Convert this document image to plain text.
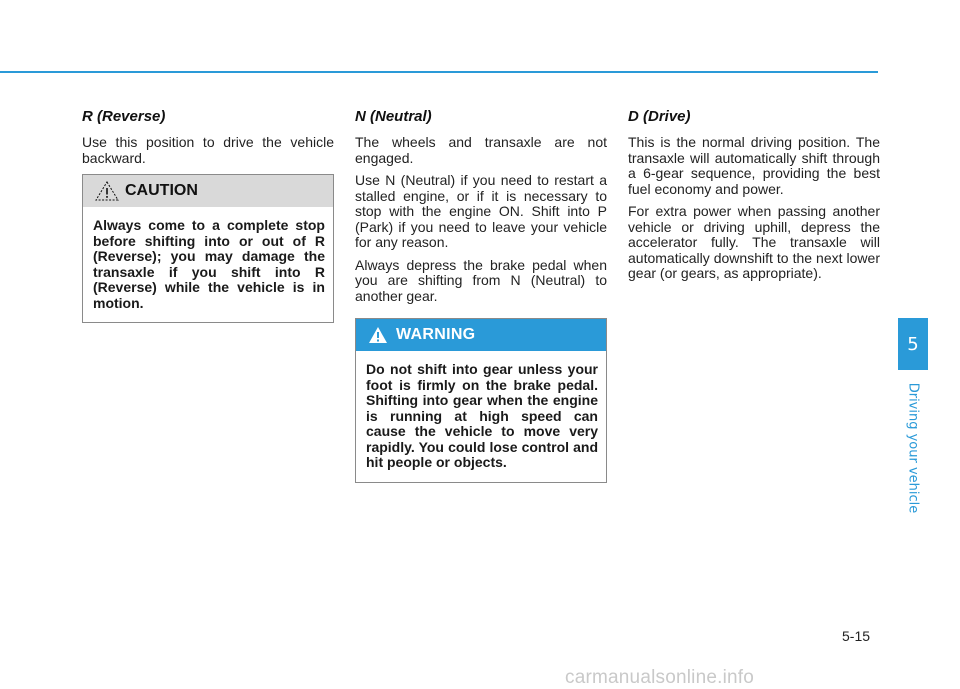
R (Reverse)

Use this position to drive the vehicle backward.

CAUTION

Always come to a complete stop before shifting into or out of R (Reverse); you may damage the transaxle if you shift into R (Reverse) while the vehicle is in motion.

N (Neutral)

The wheels and transaxle are not engaged.

Use N (Neutral) if you need to restart a stalled engine, or if it is necessary to stop with the engine ON. Shift into P (Park) if you need to leave your vehicle for any reason.

Always depress the brake pedal when you are shifting from N (Neutral) to another gear.

WARNING

Do not shift into gear unless your foot is firmly on the brake pedal. Shifting into gear when the engine is running at high speed can cause the vehicle to move very rapidly. You could lose control and hit people or objects.

D (Drive)

This is the normal driving position. The transaxle will automatically shift through a 6-gear sequence, providing the best fuel economy and power.

For extra power when passing another vehicle or driving uphill, depress the accelerator fully. The transaxle will automatically downshift to the next lower gear (or gears, as appropriate).

5
Driving your vehicle
5-15
carmanualsonline.info
